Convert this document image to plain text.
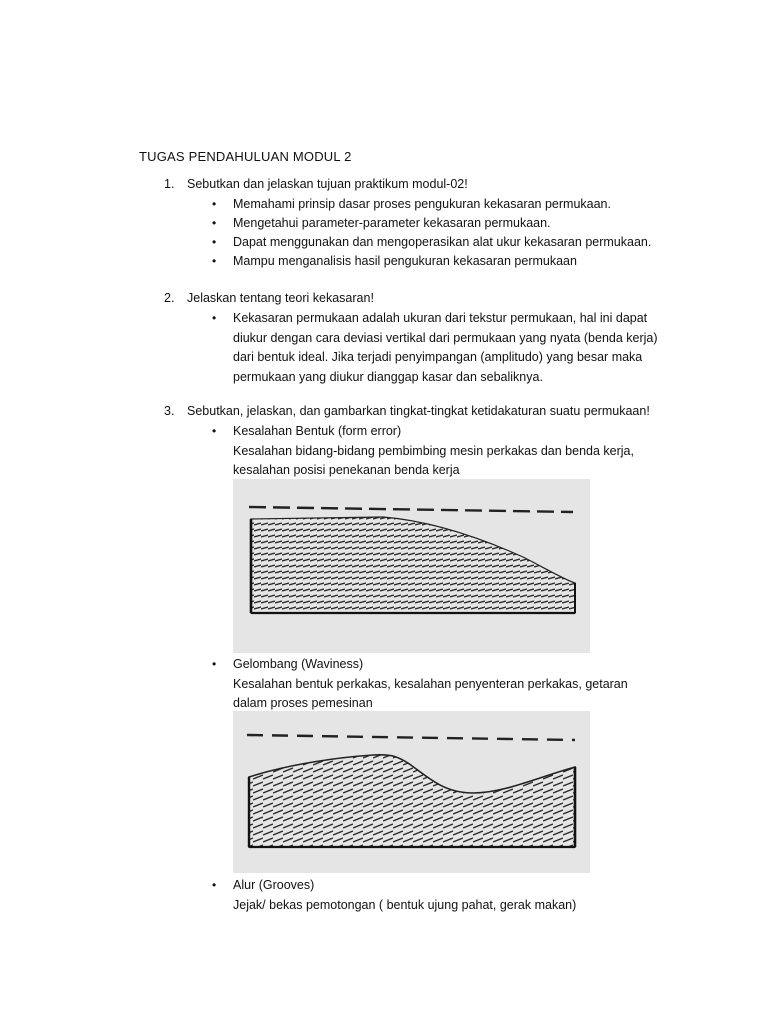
TUGAS PENDAHULUAN MODUL 2
1.	Sebutkan dan jelaskan tujuan praktikum modul-02!
•	Memahami prinsip dasar proses pengukuran kekasaran permukaan.
•	Mengetahui parameter-parameter kekasaran permukaan.
•	Dapat menggunakan dan mengoperasikan alat ukur kekasaran permukaan.
•	Mampu menganalisis hasil pengukuran kekasaran permukaan
2.	Jelaskan tentang teori kekasaran!
•	Kekasaran permukaan adalah ukuran dari tekstur permukaan, hal ini dapat
diukur dengan cara deviasi vertikal dari permukaan yang nyata (benda kerja)
dari bentuk ideal. Jika terjadi penyimpangan (amplitudo) yang besar maka
permukaan yang diukur dianggap kasar dan sebaliknya.
3.	Sebutkan, jelaskan, dan gambarkan tingkat-tingkat ketidakaturan suatu permukaan!
•	Kesalahan Bentuk (form error)
Kesalahan bidang-bidang pembimbing mesin perkakas dan benda kerja,
kesalahan posisi penekanan benda kerja
•	Gelombang (Waviness)
Kesalahan bentuk perkakas, kesalahan penyenteran perkakas, getaran
dalam proses pemesinan
•	Alur (Grooves)
Jejak/ bekas pemotongan ( bentuk ujung pahat, gerak makan)
